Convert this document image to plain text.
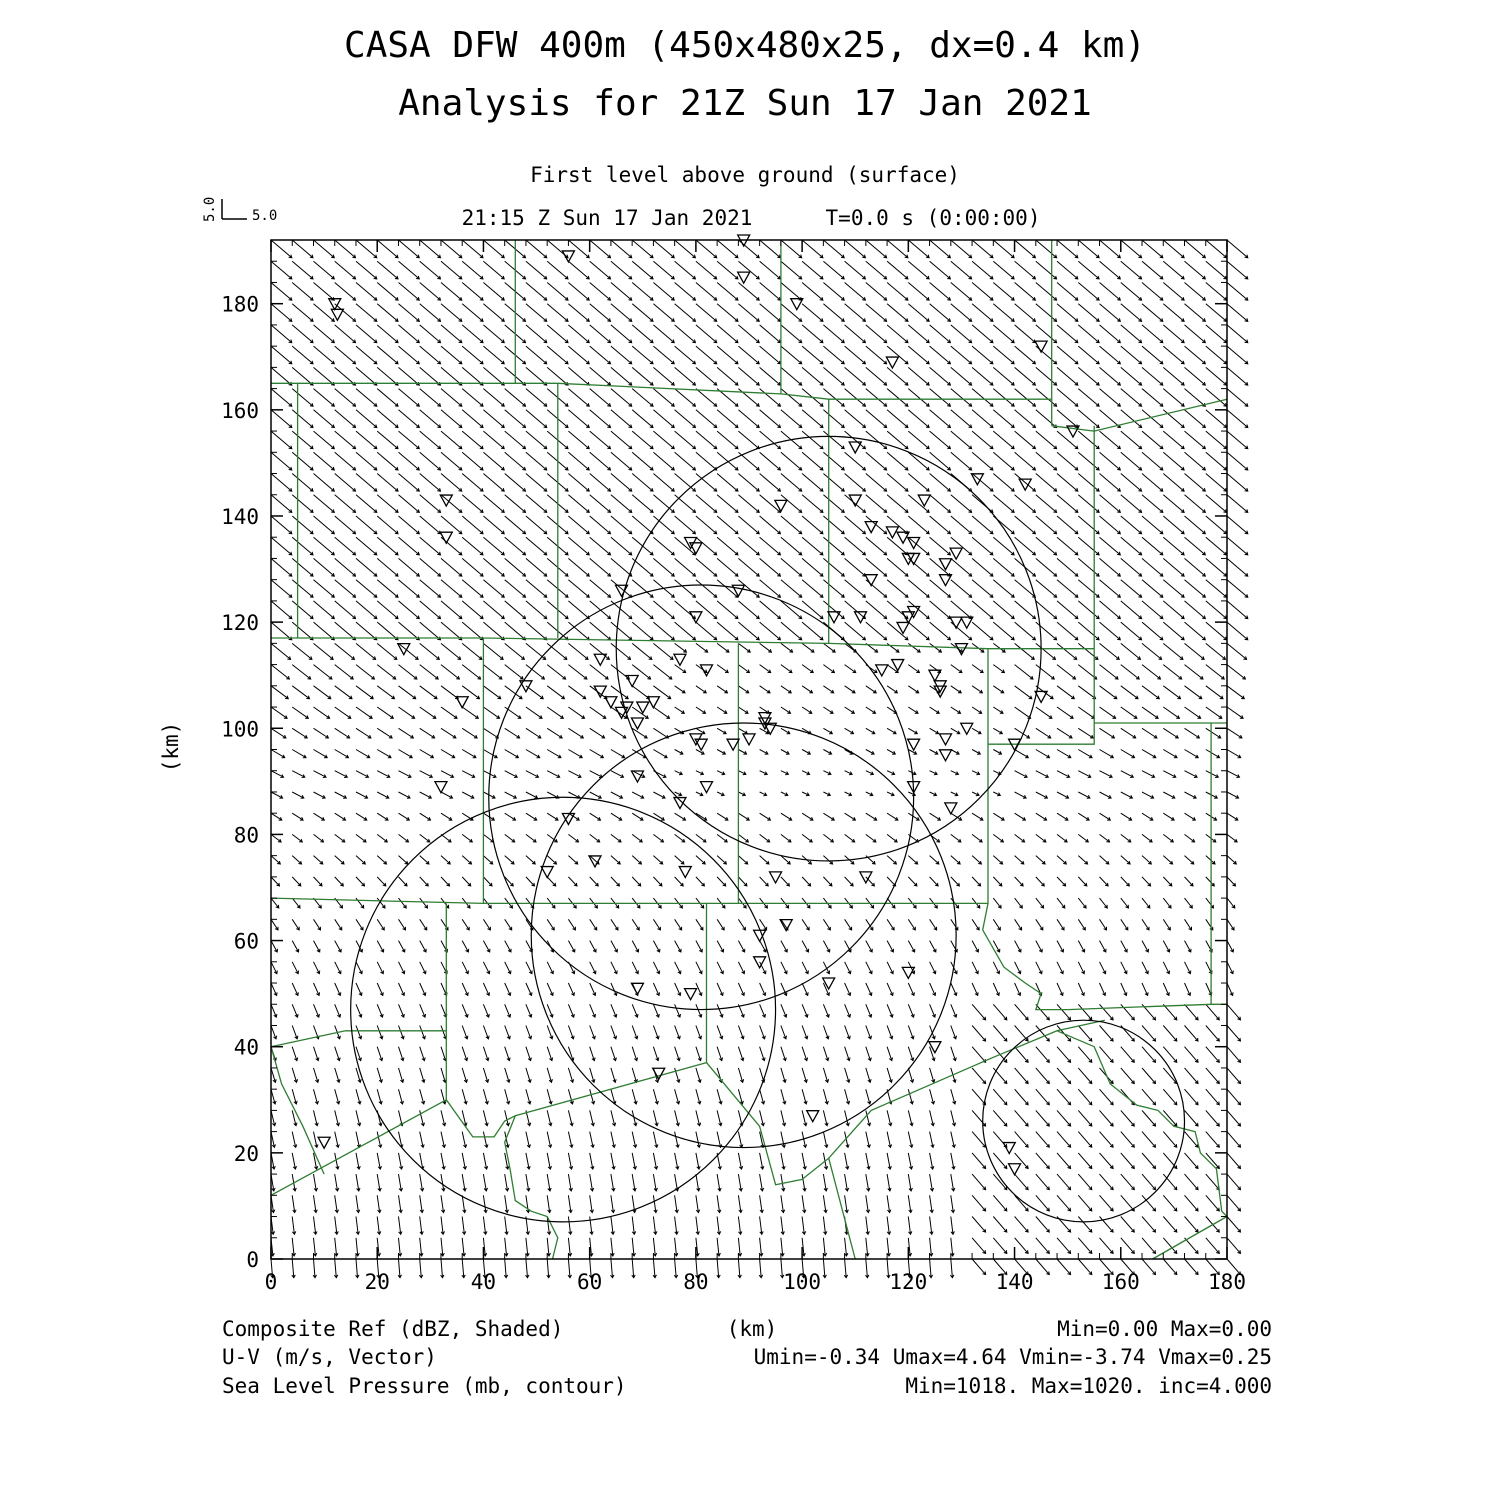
CASA DFW 400m (450x480x25, dx=0.4 km)
Analysis for 21Z Sun 17 Jan 2021
First level above ground (surface)
21:15 Z Sun 17 Jan 2021	T=0.0 s (0:00:00)
5.0 5.0
0	20	40	60	80	100	120	140	160	180
0
20
40
60
80
100
120
140
160
180
(km)
Composite Ref (dBZ, Shaded)
U-V (m/s, Vector)
Sea Level Pressure (mb, contour)
(km)	Min=0.00 Max=0.00
Umin=-0.34 Umax=4.64 Vmin=-3.74 Vmax=0.25
Min=1018. Max=1020. inc=4.000
